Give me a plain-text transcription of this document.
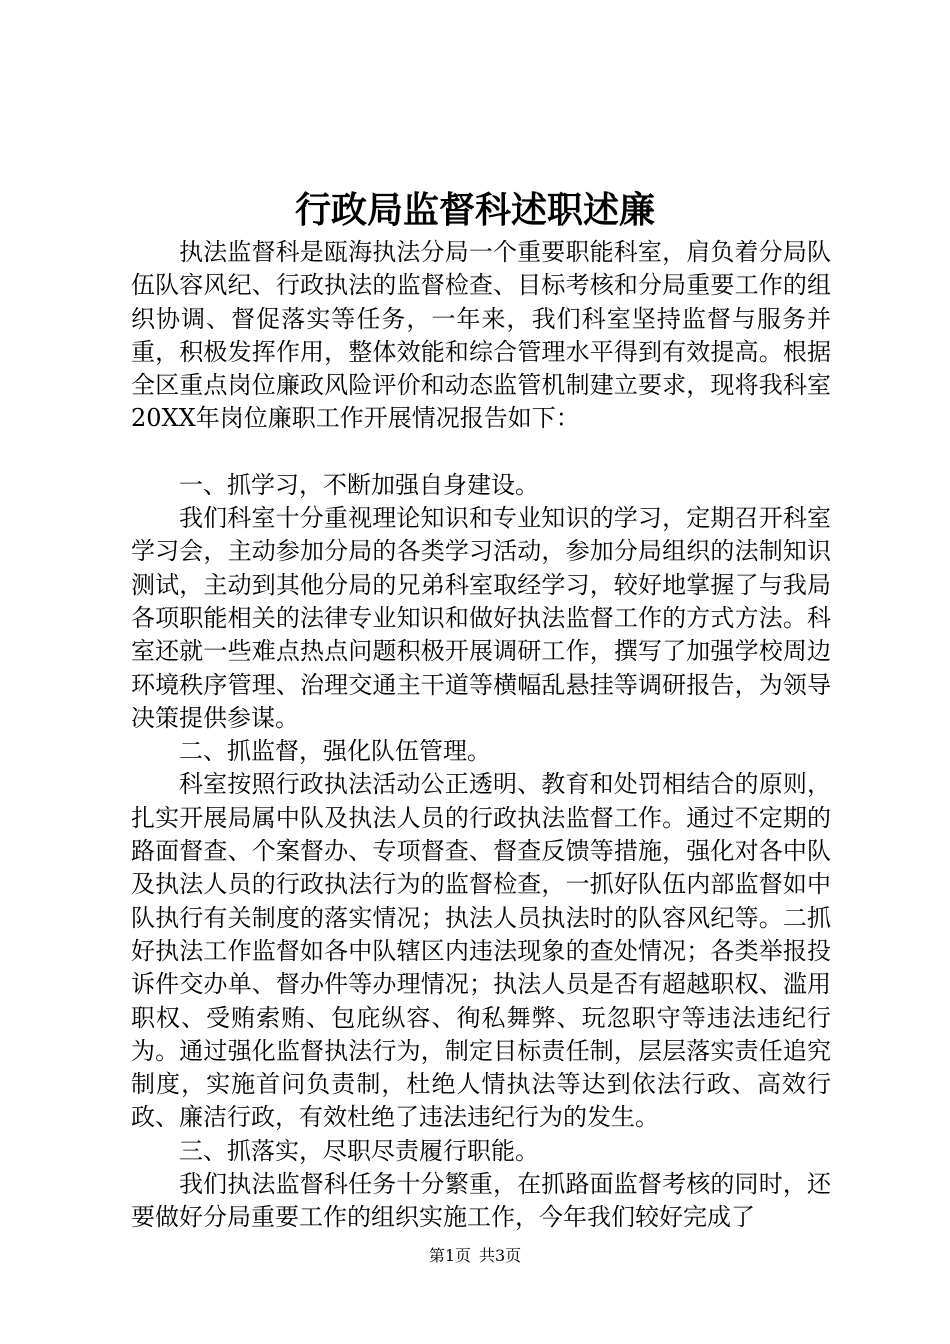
行政局监督科述职述廉

执法监督科是瓯海执法分局一个重要职能科室，肩负着分局队伍队容风纪、行政执法的监督检查、目标考核和分局重要工作的组织协调、督促落实等任务，一年来，我们科室坚持监督与服务并重，积极发挥作用，整体效能和综合管理水平得到有效提高。根据全区重点岗位廉政风险评价和动态监管机制建立要求，现将我科室20XX年岗位廉职工作开展情况报告如下：

一、抓学习，不断加强自身建设。

我们科室十分重视理论知识和专业知识的学习，定期召开科室学习会，主动参加分局的各类学习活动，参加分局组织的法制知识测试，主动到其他分局的兄弟科室取经学习，较好地掌握了与我局各项职能相关的法律专业知识和做好执法监督工作的方式方法。科室还就一些难点热点问题积极开展调研工作，撰写了加强学校周边环境秩序管理、治理交通主干道等横幅乱悬挂等调研报告，为领导决策提供参谋。

二、抓监督，强化队伍管理。

科室按照行政执法活动公正透明、教育和处罚相结合的原则，扎实开展局属中队及执法人员的行政执法监督工作。通过不定期的路面督查、个案督办、专项督查、督查反馈等措施，强化对各中队及执法人员的行政执法行为的监督检查，一抓好队伍内部监督如中队执行有关制度的落实情况；执法人员执法时的队容风纪等。二抓好执法工作监督如各中队辖区内违法现象的查处情况；各类举报投诉件交办单、督办件等办理情况；执法人员是否有超越职权、滥用职权、受贿索贿、包庇纵容、徇私舞弊、玩忽职守等违法违纪行为。通过强化监督执法行为，制定目标责任制，层层落实责任追究制度，实施首问负责制，杜绝人情执法等达到依法行政、高效行政、廉洁行政，有效杜绝了违法违纪行为的发生。

三、抓落实，尽职尽责履行职能。

我们执法监督科任务十分繁重，在抓路面监督考核的同时，还要做好分局重要工作的组织实施工作，今年我们较好完成了

第1页 共3页
